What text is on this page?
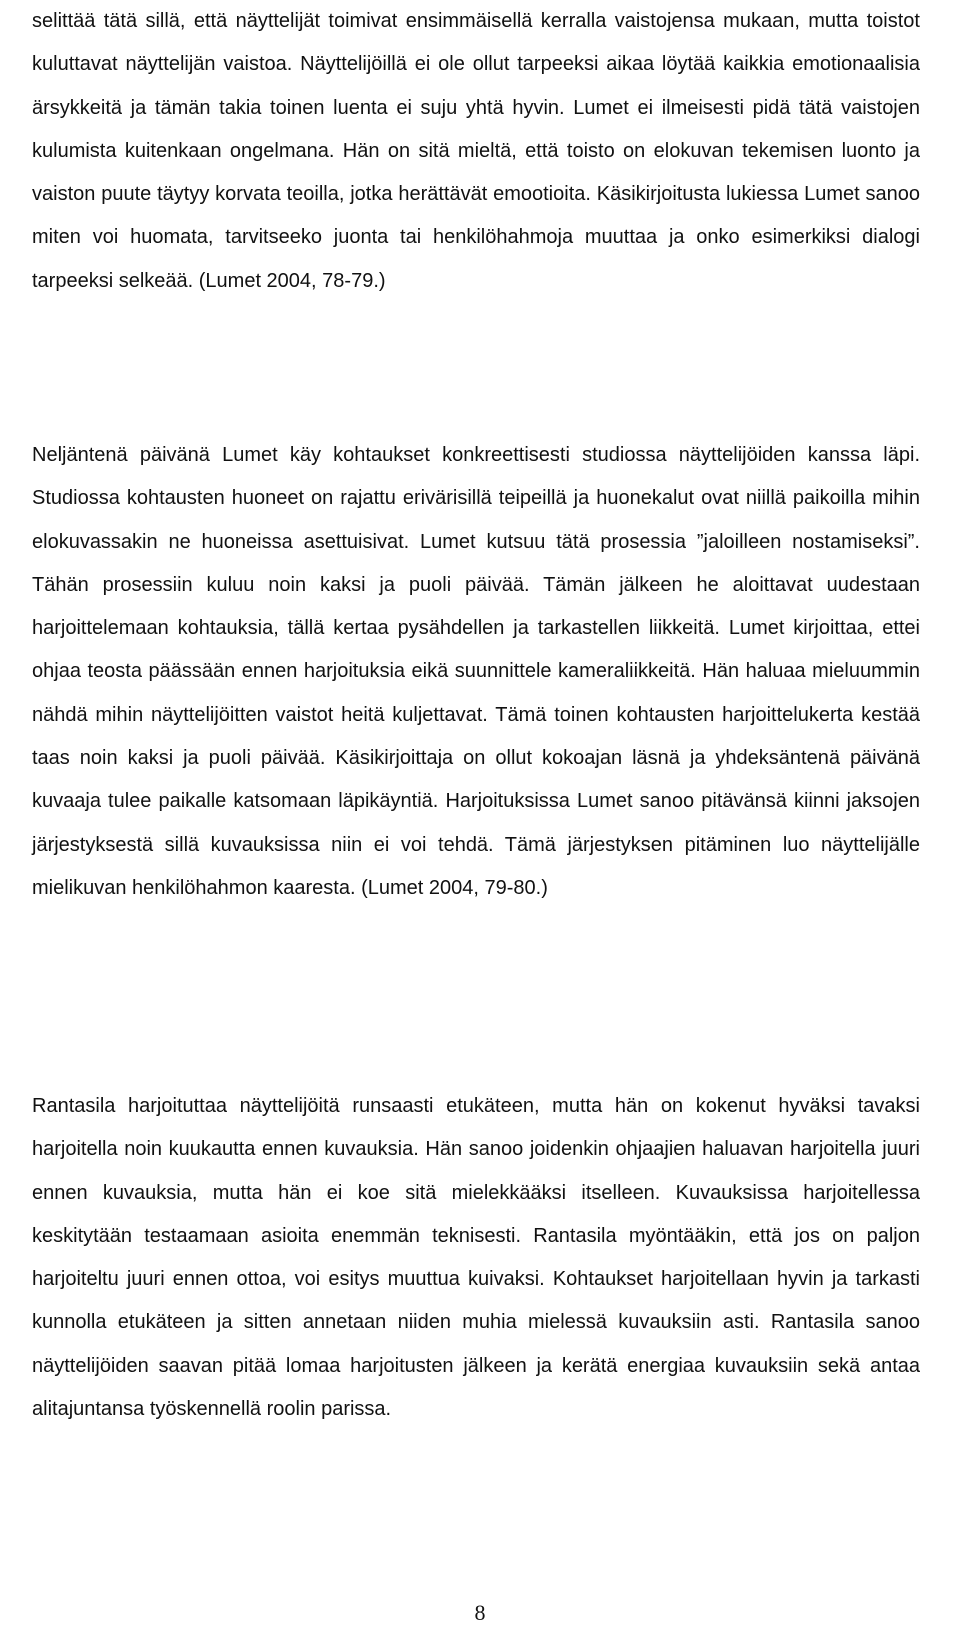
selittää tätä sillä, että näyttelijät toimivat ensimmäisellä kerralla vaistojensa mukaan, mutta toistot kuluttavat näyttelijän vaistoa. Näyttelijöillä ei ole ollut tarpeeksi aikaa löytää kaikkia emotionaalisia ärsykkeitä ja tämän takia toinen luenta ei suju yhtä hyvin. Lumet ei ilmeisesti pidä tätä vaistojen kulumista kuitenkaan ongelmana. Hän on sitä mieltä, että toisto on elokuvan tekemisen luonto ja vaiston puute täytyy korvata teoilla, jotka herättävät emootioita. Käsikirjoitusta lukiessa Lumet sanoo miten voi huomata, tarvitseeko juonta tai henkilöhahmoja muuttaa ja onko esimerkiksi dialogi tarpeeksi selkeää. (Lumet 2004, 78-79.)

Neljäntenä päivänä Lumet käy kohtaukset konkreettisesti studiossa näyttelijöiden kanssa läpi. Studiossa kohtausten huoneet on rajattu erivärisillä teipeillä ja huonekalut ovat niillä paikoilla mihin elokuvassakin ne huoneissa asettuisivat. Lumet kutsuu tätä prosessia ”jaloilleen nostamiseksi”. Tähän prosessiin kuluu noin kaksi ja puoli päivää. Tämän jälkeen he aloittavat uudestaan harjoittelemaan kohtauksia, tällä kertaa pysähdellen ja tarkastellen liikkeitä. Lumet kirjoittaa, ettei ohjaa teosta päässään ennen harjoituksia eikä suunnittele kameraliikkeitä. Hän haluaa mieluummin nähdä mihin näyttelijöitten vaistot heitä kuljettavat. Tämä toinen kohtausten harjoittelukerta kestää taas noin kaksi ja puoli päivää. Käsikirjoittaja on ollut kokoajan läsnä ja yhdeksäntenä päivänä kuvaaja tulee paikalle katsomaan läpikäyntiä. Harjoituksissa Lumet sanoo pitävänsä kiinni jaksojen järjestyksestä sillä kuvauksissa niin ei voi tehdä. Tämä järjestyksen pitäminen luo näyttelijälle mielikuvan henkilöhahmon kaaresta. (Lumet 2004, 79-80.)

Rantasila harjoituttaa näyttelijöitä runsaasti etukäteen, mutta hän on kokenut hyväksi tavaksi harjoitella noin kuukautta ennen kuvauksia. Hän sanoo joidenkin ohjaajien haluavan harjoitella juuri ennen kuvauksia, mutta hän ei koe sitä mielekkääksi itselleen. Kuvauksissa harjoitellessa keskitytään testaamaan asioita enemmän teknisesti. Rantasila myöntääkin, että jos on paljon harjoiteltu juuri ennen ottoa, voi esitys muuttua kuivaksi. Kohtaukset harjoitellaan hyvin ja tarkasti kunnolla etukäteen ja sitten annetaan niiden muhia mielessä kuvauksiin asti. Rantasila sanoo näyttelijöiden saavan pitää lomaa harjoitusten jälkeen ja kerätä energiaa kuvauksiin sekä antaa alitajuntansa työskennellä roolin parissa.

8
